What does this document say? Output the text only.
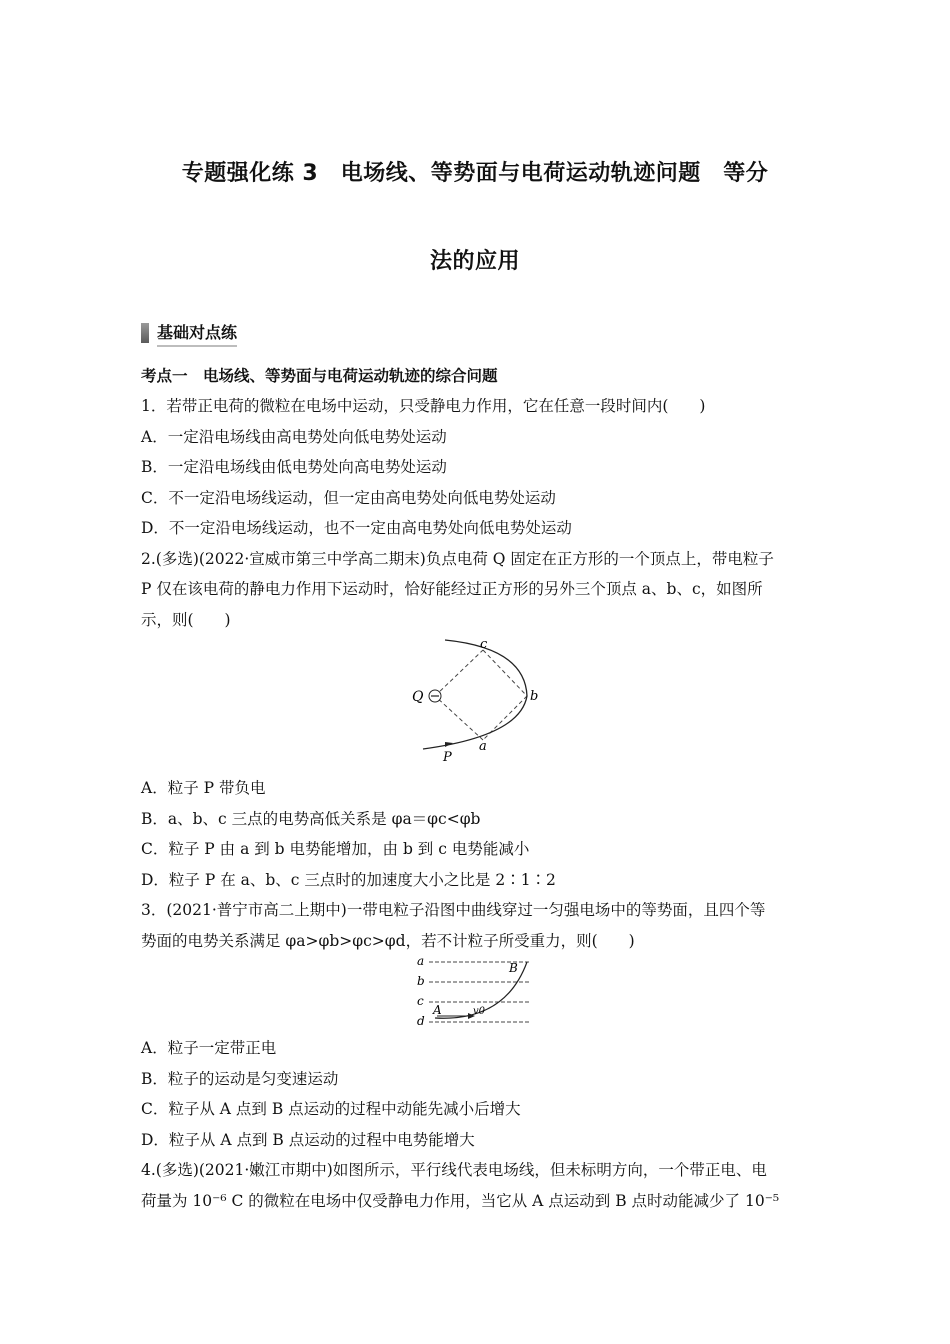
专题强化练 3　电场线、等势面与电荷运动轨迹问题　等分
法的应用
基础对点练
考点一　电场线、等势面与电荷运动轨迹的综合问题
1．若带正电荷的微粒在电场中运动，只受静电力作用，它在任意一段时间内(　　)
A．一定沿电场线由高电势处向低电势处运动
B．一定沿电场线由低电势处向高电势处运动
C．不一定沿电场线运动，但一定由高电势处向低电势处运动
D．不一定沿电场线运动，也不一定由高电势处向低电势处运动
2.(多选)(2022·宣威市第三中学高二期末)负点电荷 Q 固定在正方形的一个顶点上，带电粒子
P 仅在该电荷的静电力作用下运动时，恰好能经过正方形的另外三个顶点 a、b、c，如图所
示，则(　　)
Q
c
b
a
P
A．粒子 P 带负电
B．a、b、c 三点的电势高低关系是 φa＝φc<φb
C．粒子 P 由 a 到 b 电势能增加，由 b 到 c 电势能减小
D．粒子 P 在 a、b、c 三点时的加速度大小之比是 2∶1∶2
3．(2021·普宁市高二上期中)一带电粒子沿图中曲线穿过一匀强电场中的等势面，且四个等
势面的电势关系满足 φa>φb>φc>φd，若不计粒子所受重力，则(　　)
a
b
c
d
A
B
v0
A．粒子一定带正电
B．粒子的运动是匀变速运动
C．粒子从 A 点到 B 点运动的过程中动能先减小后增大
D．粒子从 A 点到 B 点运动的过程中电势能增大
4.(多选)(2021·嫩江市期中)如图所示，平行线代表电场线，但未标明方向，一个带正电、电
荷量为 10⁻⁶ C 的微粒在电场中仅受静电力作用，当它从 A 点运动到 B 点时动能减少了 10⁻⁵
